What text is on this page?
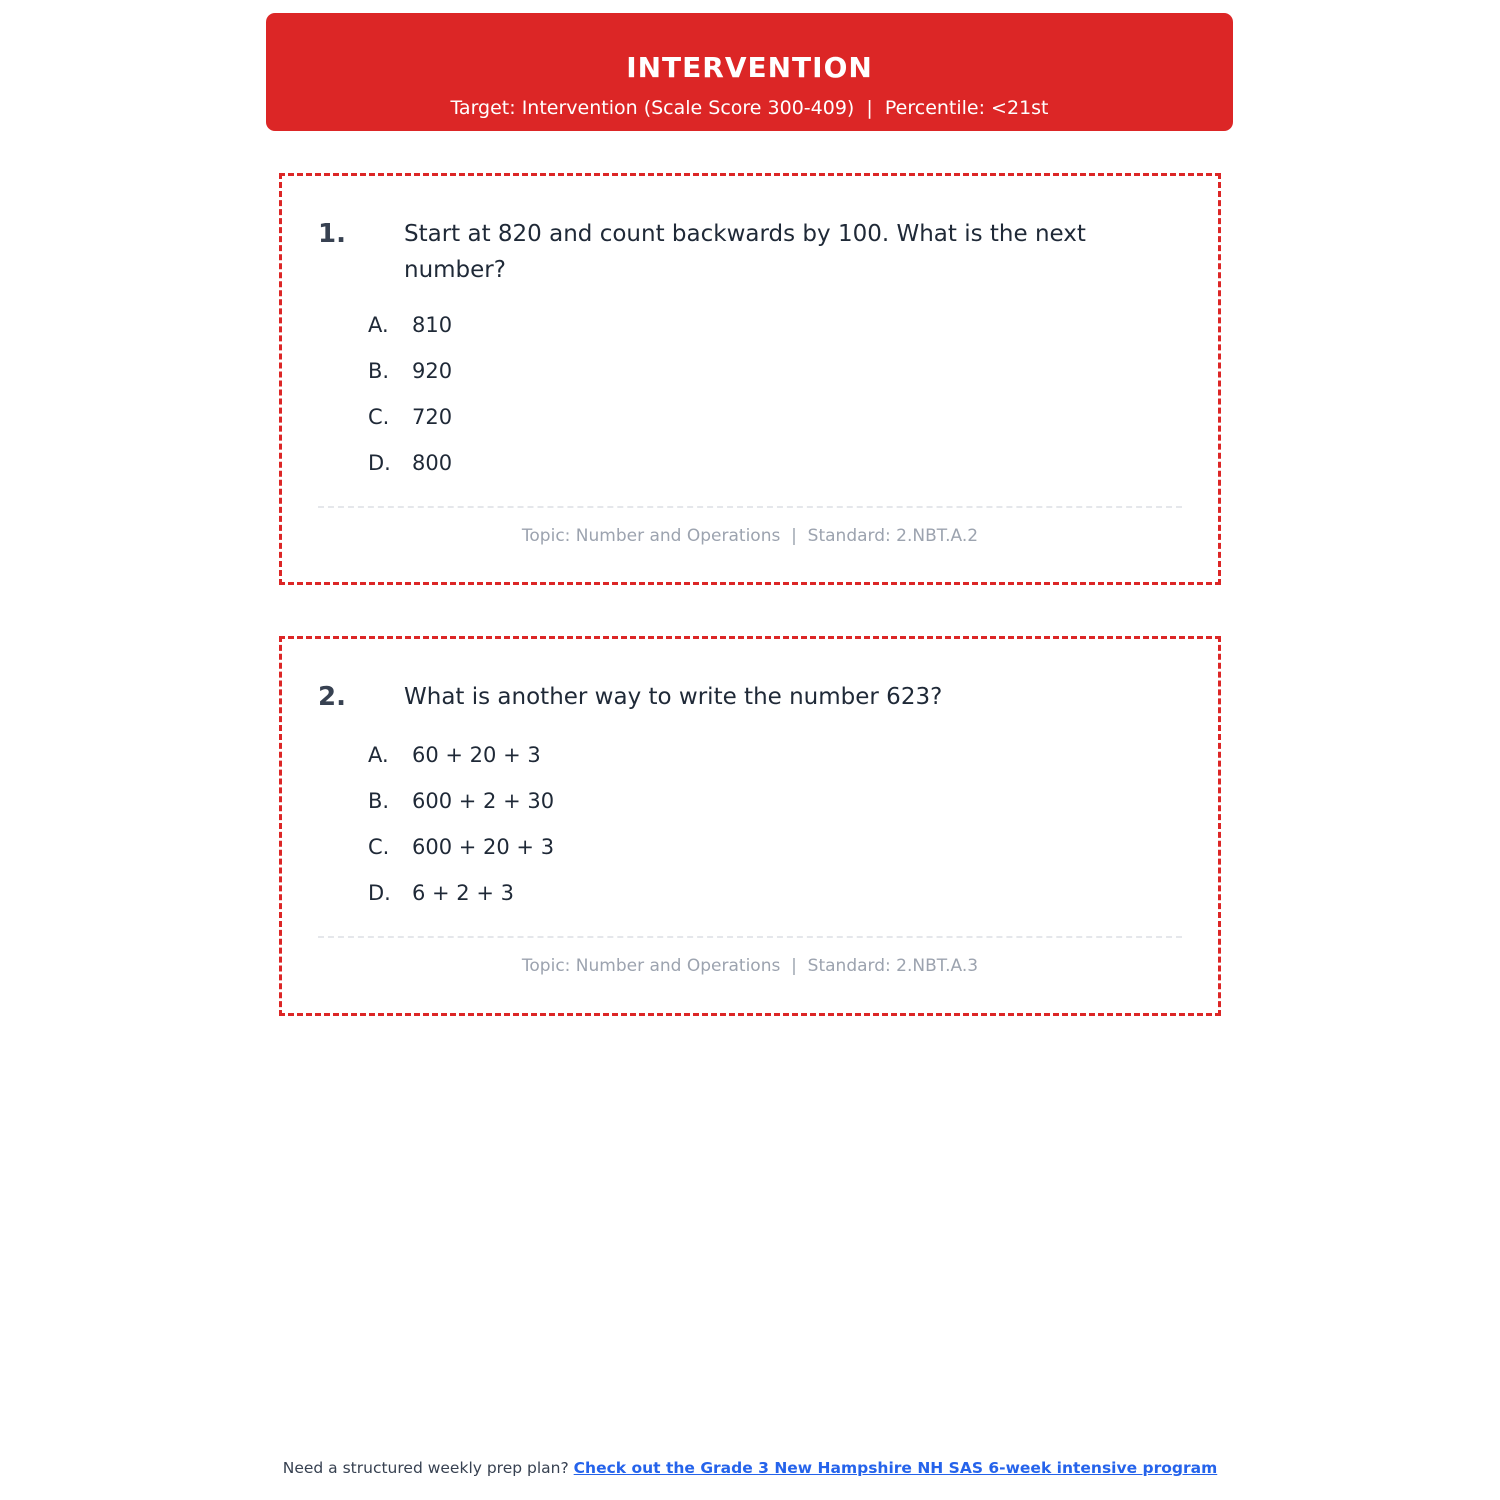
INTERVENTION
Target: Intervention (Scale Score 300-409)  |  Percentile: <21st
1.	Start at 820 and count backwards by 100. What is the next number?
A. 810
B. 920
C. 720
D. 800
Topic: Number and Operations  |  Standard: 2.NBT.A.2
2.	What is another way to write the number 623?
A. 60 + 20 + 3
B. 600 + 2 + 30
C. 600 + 20 + 3
D. 6 + 2 + 3
Topic: Number and Operations  |  Standard: 2.NBT.A.3
Need a structured weekly prep plan? Check out the Grade 3 New Hampshire NH SAS 6-week intensive program
